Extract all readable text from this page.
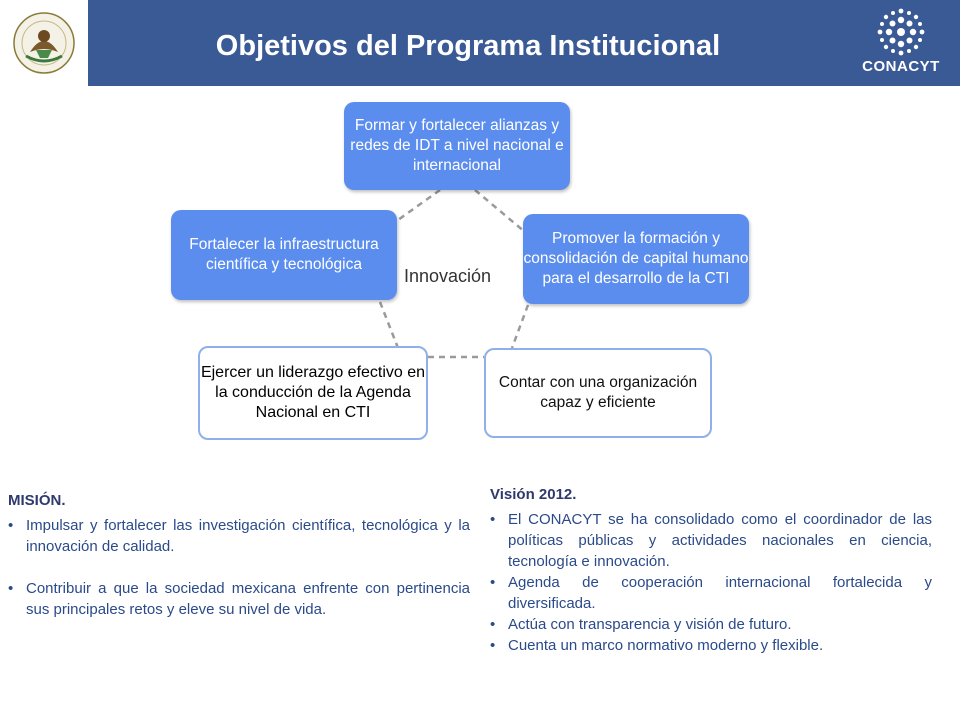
Objetivos del Programa Institucional
CONACYT
Formar y fortalecer alianzas y redes de IDT a nivel nacional e internacional
Fortalecer la infraestructura científica y tecnológica
Promover la formación y consolidación de capital humano para el desarrollo de la CTI
Ejercer un liderazgo efectivo en la conducción de la Agenda Nacional en CTI
Contar con una organización capaz y eficiente
Innovación
MISIÓN.
• Impulsar y fortalecer las investigación científica, tecnológica y la innovación de calidad.
• Contribuir a que la sociedad mexicana enfrente con pertinencia sus principales retos y eleve su nivel de vida.
Visión 2012.
• El CONACYT se ha consolidado como el coordinador de las políticas públicas y actividades nacionales en ciencia, tecnología e innovación.
• Agenda de cooperación internacional fortalecida y diversificada.
• Actúa con transparencia y visión de futuro.
• Cuenta un marco normativo moderno y flexible.
